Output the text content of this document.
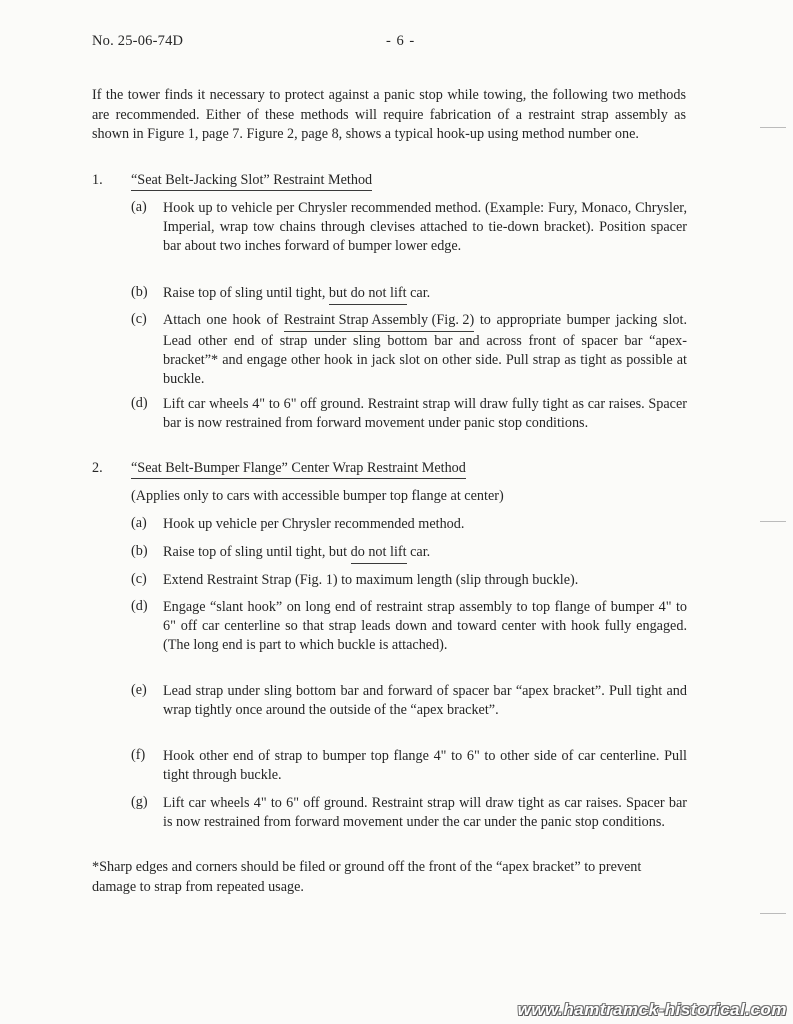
No. 25-06-74D	- 6 -
If the tower finds it necessary to protect against a panic stop while towing, the following two methods are recommended. Either of these methods will require fabrication of a restraint strap assembly as shown in Figure 1, page 7. Figure 2, page 8, shows a typical hook-up using method number one.
1. “Seat Belt-Jacking Slot” Restraint Method
(a) Hook up to vehicle per Chrysler recommended method. (Example: Fury, Monaco, Chrysler, Imperial, wrap tow chains through clevises attached to tie-down bracket). Position spacer bar about two inches forward of bumper lower edge.
(b) Raise top of sling until tight, but do not lift car.
(c) Attach one hook of Restraint Strap Assembly (Fig. 2) to appropriate bumper jacking slot. Lead other end of strap under sling bottom bar and across front of spacer bar “apex-bracket”* and engage other hook in jack slot on other side. Pull strap as tight as possible at buckle.
(d) Lift car wheels 4" to 6" off ground. Restraint strap will draw fully tight as car raises. Spacer bar is now restrained from forward movement under panic stop conditions.
2. “Seat Belt-Bumper Flange” Center Wrap Restraint Method
(Applies only to cars with accessible bumper top flange at center)
(a) Hook up vehicle per Chrysler recommended method.
(b) Raise top of sling until tight, but do not lift car.
(c) Extend Restraint Strap (Fig. 1) to maximum length (slip through buckle).
(d) Engage “slant hook” on long end of restraint strap assembly to top flange of bumper 4" to 6" off car centerline so that strap leads down and toward center with hook fully engaged. (The long end is part to which buckle is attached).
(e) Lead strap under sling bottom bar and forward of spacer bar “apex bracket”. Pull tight and wrap tightly once around the outside of the “apex bracket”.
(f) Hook other end of strap to bumper top flange 4" to 6" to other side of car centerline. Pull tight through buckle.
(g) Lift car wheels 4" to 6" off ground. Restraint strap will draw tight as car raises. Spacer bar is now restrained from forward movement under the car under the panic stop conditions.
*Sharp edges and corners should be filed or ground off the front of the “apex bracket” to prevent damage to strap from repeated usage.
www.hamtramck-historical.com
